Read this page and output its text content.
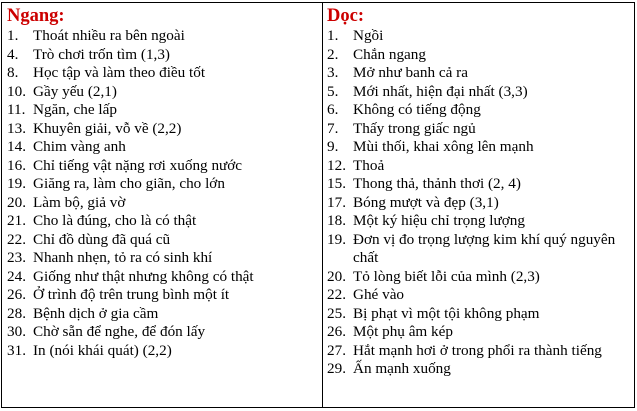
Ngang:
1. Thoát nhiều ra bên ngoài
4. Trò chơi trốn tìm (1,3)
8. Học tập và làm theo điều tốt
10. Gầy yếu (2,1)
11. Ngăn, che lấp
13. Khuyên giải, vỗ về (2,2)
14. Chim vàng anh
16. Chỉ tiếng vật nặng rơi xuống nước
19. Giăng ra, làm cho giãn, cho lớn
20. Làm bộ, giả vờ
21. Cho là đúng, cho là có thật
22. Chỉ đồ dùng đã quá cũ
23. Nhanh nhẹn, tỏ ra có sinh khí
24. Giống như thật nhưng không có thật
26. Ở trình độ trên trung bình một ít
28. Bệnh dịch ở gia cầm
30. Chờ sẵn để nghe, để đón lấy
31. In (nói khái quát) (2,2)
Dọc:
1. Ngồi
2. Chắn ngang
3. Mở như banh cả ra
5. Mới nhất, hiện đại nhất (3,3)
6. Không có tiếng động
7. Thấy trong giấc ngủ
9. Mùi thối, khai xông lên mạnh
12. Thoả
15. Thong thả, thảnh thơi (2, 4)
17. Bóng mượt và đẹp (3,1)
18. Một ký hiệu chỉ trọng lượng
19. Đơn vị đo trọng lượng kim khí quý nguyên chất
20. Tỏ lòng biết lỗi của mình (2,3)
22. Ghé vào
25. Bị phạt vì một tội không phạm
26. Một phụ âm kép
27. Hắt mạnh hơi ở trong phổi ra thành tiếng
29. Ấn mạnh xuống
